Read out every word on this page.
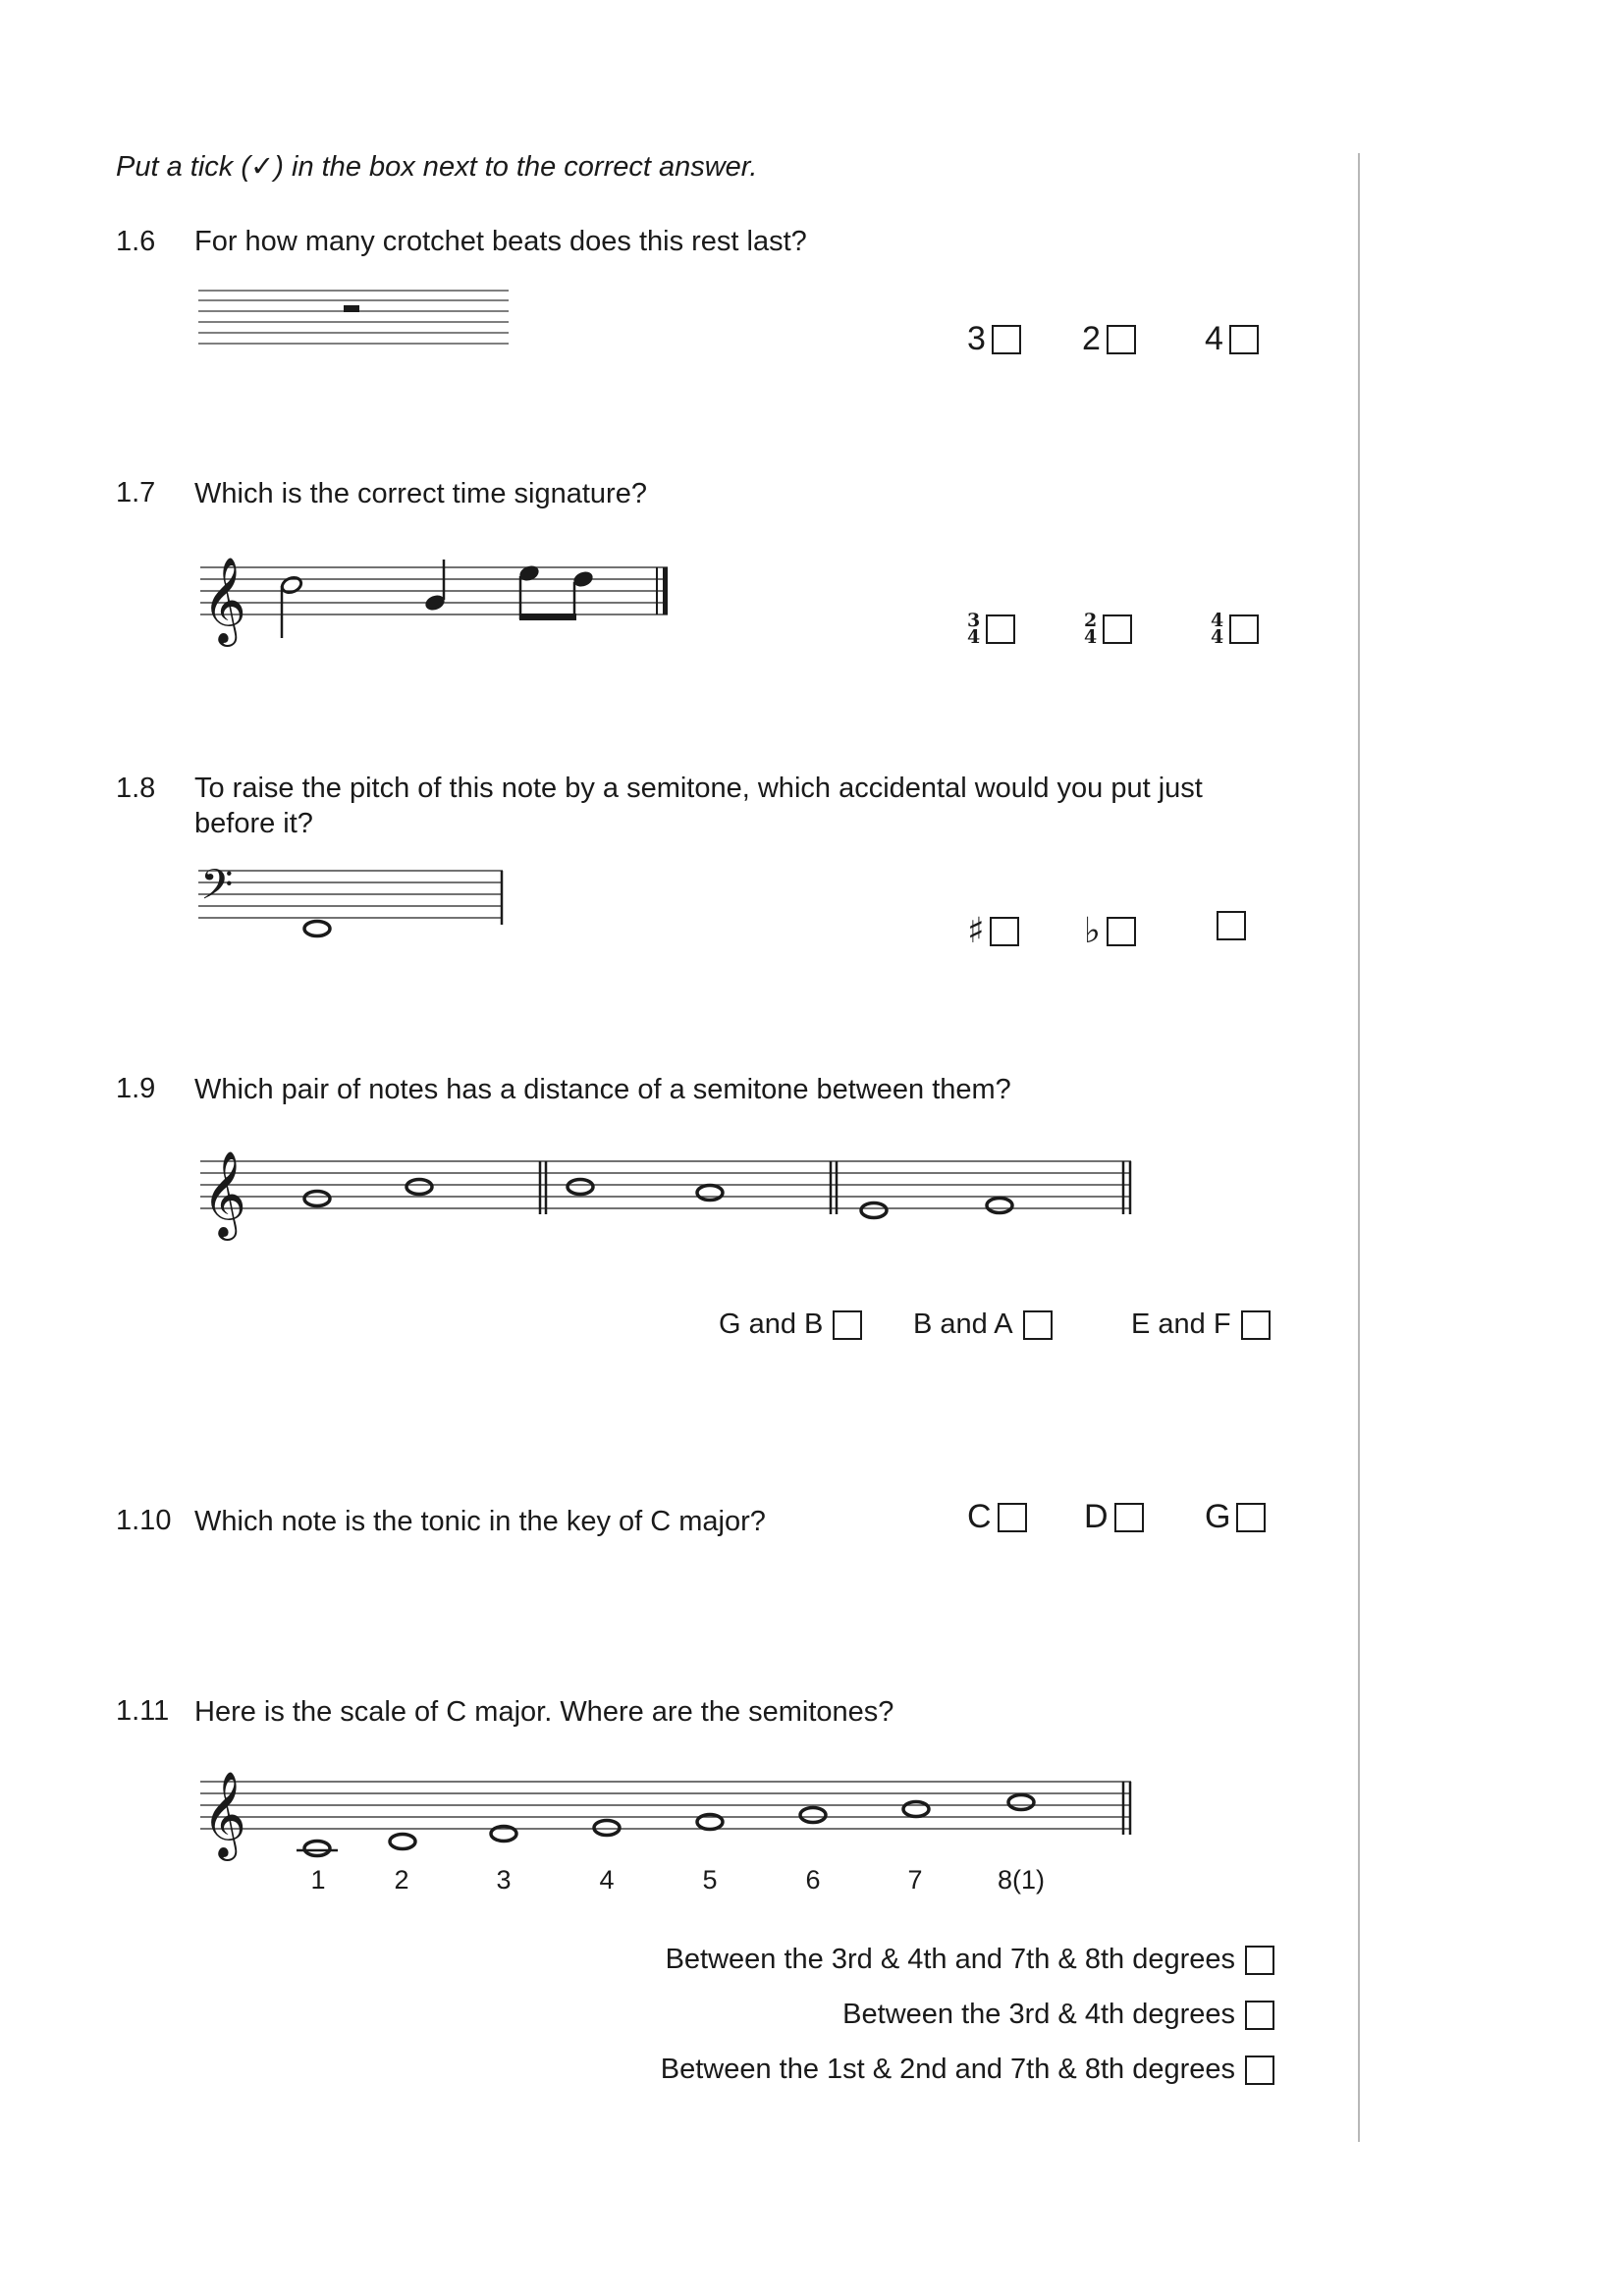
Put a tick (✓) in the box next to the correct answer.
1.6 For how many crotchet beats does this rest last?
3	2	4
1.7 Which is the correct time signature?
𝄞	3
4
2
4
4
4
1.8 To raise the pitch of this note by a semitone, which accidental would you put just
before it?
𝄢
♯	♭
1.9 Which pair of notes has a distance of a semitone between them?
𝄞
G and B	B and A	E and F
1.10 Which note is the tonic in the key of C major?	C	D	G
1.11 Here is the scale of C major. Where are the semitones?
𝄞
1	2	3	4	5	6	7	8(1)
Between the 3rd & 4th and 7th & 8th degrees
Between the 3rd & 4th degrees
Between the 1st & 2nd and 7th & 8th degrees
